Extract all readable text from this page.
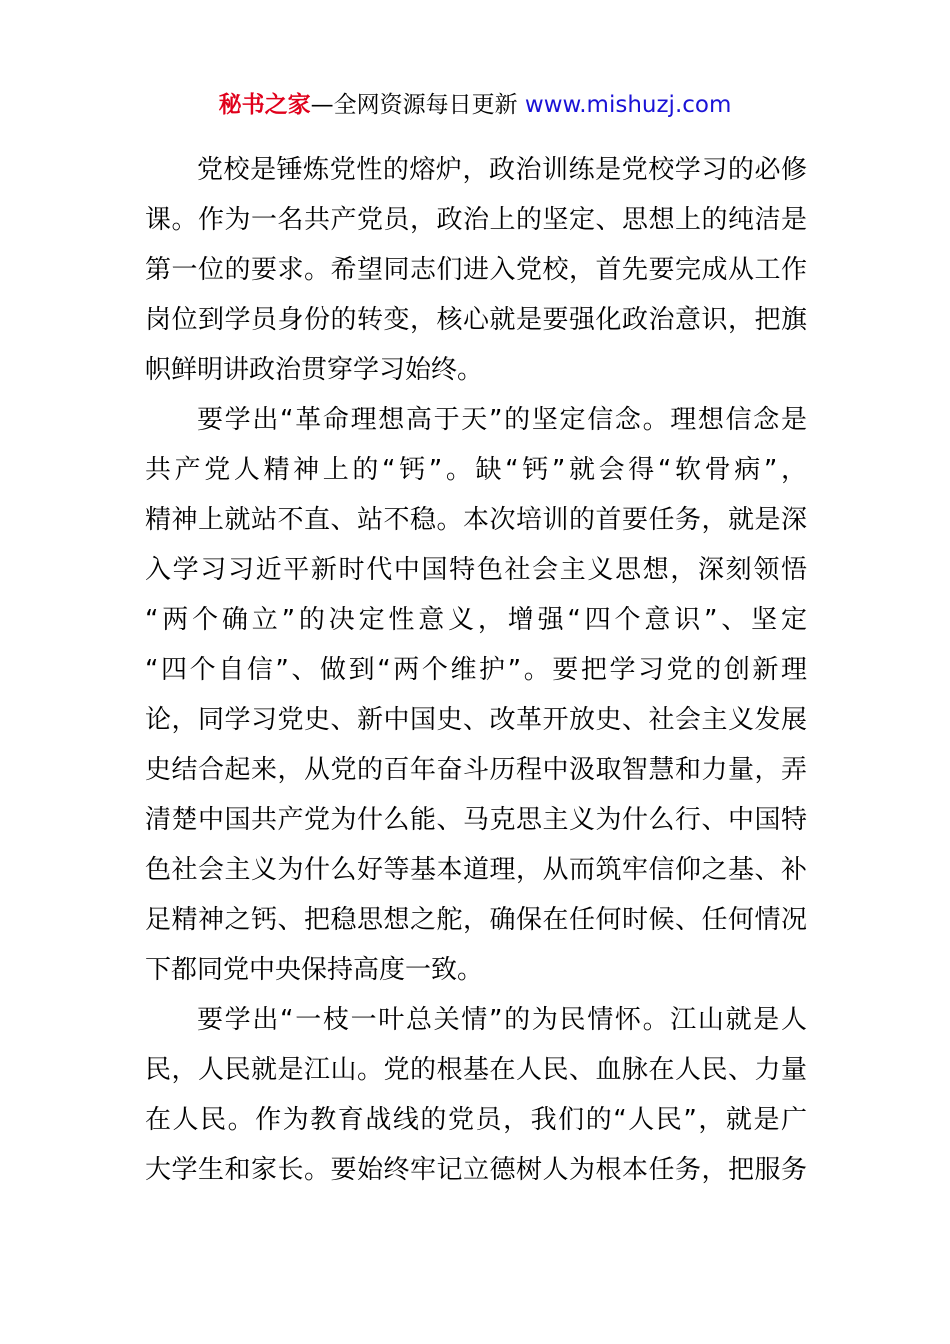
秘书之家—全网资源每日更新 www.mishuzj.com
党校是锤炼党性的熔炉，政治训练是党校学习的必修
课。作为一名共产党员，政治上的坚定、思想上的纯洁是
第一位的要求。希望同志们进入党校，首先要完成从工作
岗位到学员身份的转变，核心就是要强化政治意识，把旗
帜鲜明讲政治贯穿学习始终。
要学出“革命理想高于天”的坚定信念。理想信念是
共产党人精神上的“钙”。缺“钙”就会得“软骨病”，
精神上就站不直、站不稳。本次培训的首要任务，就是深
入学习习近平新时代中国特色社会主义思想，深刻领悟
“两个确立”的决定性意义，增强“四个意识”、坚定
“四个自信”、做到“两个维护”。要把学习党的创新理
论，同学习党史、新中国史、改革开放史、社会主义发展
史结合起来，从党的百年奋斗历程中汲取智慧和力量，弄
清楚中国共产党为什么能、马克思主义为什么行、中国特
色社会主义为什么好等基本道理，从而筑牢信仰之基、补
足精神之钙、把稳思想之舵，确保在任何时候、任何情况
下都同党中央保持高度一致。
要学出“一枝一叶总关情”的为民情怀。江山就是人
民，人民就是江山。党的根基在人民、血脉在人民、力量
在人民。作为教育战线的党员，我们的“人民”，就是广
大学生和家长。要始终牢记立德树人为根本任务，把服务
